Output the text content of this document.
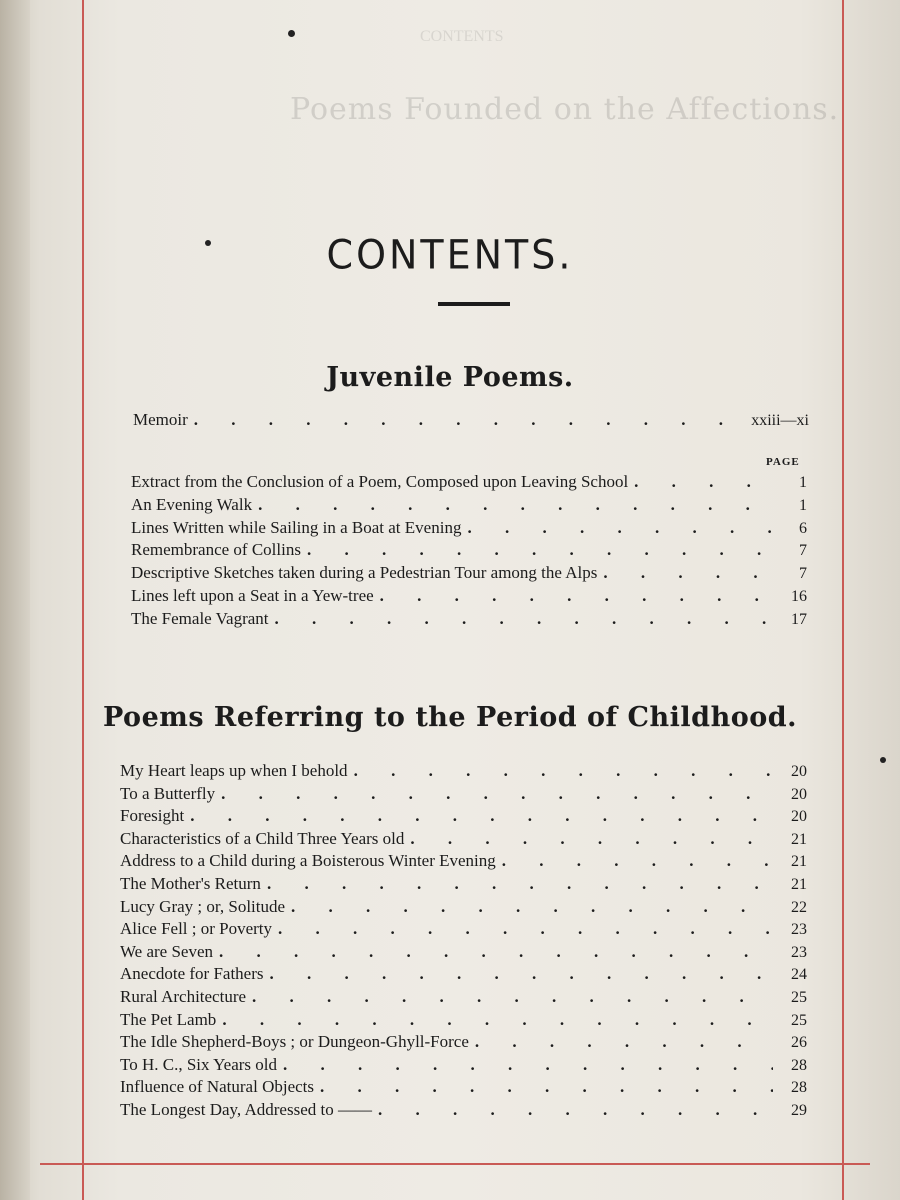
Poems Founded on the Affections.
CONTENTS
CONTENTS.
Juvenile Poems.
Memoir . . .	xxiii—xi
PAGE
Extract from the Conclusion of a Poem, Composed upon Leaving School . . .	1
An Evening Walk . . .	1
Lines Written while Sailing in a Boat at Evening . . .	6
Remembrance of Collins . . .	7
Descriptive Sketches taken during a Pedestrian Tour among the Alps . . .	7
Lines left upon a Seat in a Yew-tree . . .	16
The Female Vagrant . . .	17
Poems Referring to the Period of Childhood.
My Heart leaps up when I behold . . .	20
To a Butterfly . . .	20
Foresight . . .	20
Characteristics of a Child Three Years old . . .	21
Address to a Child during a Boisterous Winter Evening . . .	21
The Mother's Return . . .	21
Lucy Gray ; or, Solitude . . .	22
Alice Fell ; or Poverty . . .	23
We are Seven . . .	23
Anecdote for Fathers . . .	24
Rural Architecture . . .	25
The Pet Lamb . . .	25
The Idle Shepherd-Boys ; or Dungeon-Ghyll-Force . . .	26
To H. C., Six Years old . . .	28
Influence of Natural Objects . . .	28
The Longest Day, Addressed to —— . . .	29
